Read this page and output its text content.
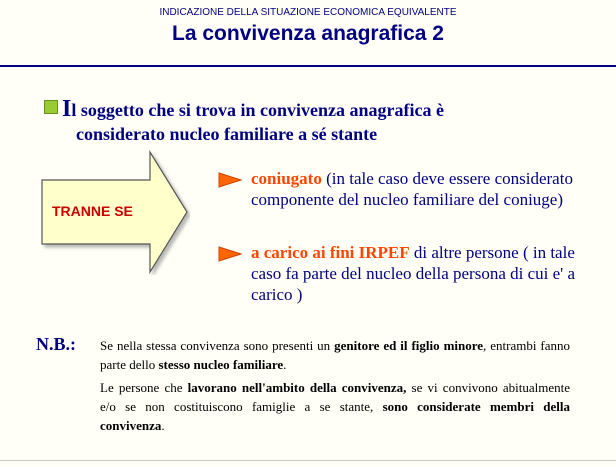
INDICAZIONE DELLA SITUAZIONE ECONOMICA EQUIVALENTE
La convivenza anagrafica 2
Il soggetto che si trova in convivenza anagrafica è
considerato nucleo familiare a sé stante
TRANNE SE
coniugato (in tale caso deve essere considerato componente del nucleo familiare del coniuge)
a carico ai fini IRPEF di altre persone ( in tale caso fa parte del nucleo della persona di cui e' a carico )
N.B.: Se nella stessa convivenza sono presenti un genitore ed il figlio minore, entrambi fanno parte dello stesso nucleo familiare.
Le persone che lavorano nell'ambito della convivenza, se vi convivono abitualmente e/o se non costituiscono famiglie a se stante, sono considerate membri della convivenza.
